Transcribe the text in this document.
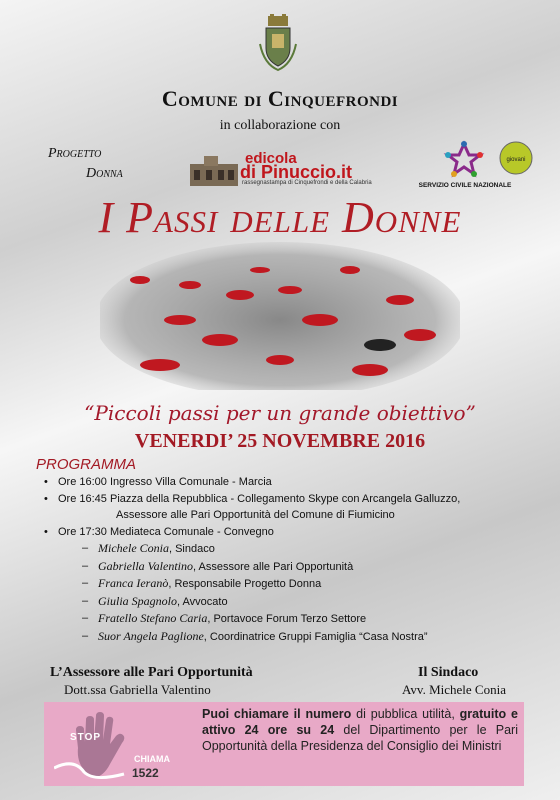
Comune di Cinquefrondi
in collaborazione con
Progetto
Donna
edicola
di Pinuccio.it
rassegnastampa di Cinquefrondi e della Calabria
giovani
SERVIZIO CIVILE NAZIONALE
I Passi delle Donne
“Piccoli passi per un grande obiettivo”
VENERDI’ 25 NOVEMBRE 2016
PROGRAMMA
• Ore 16:00 Ingresso Villa Comunale - Marcia
• Ore 16:45 Piazza della Repubblica - Collegamento Skype con Arcangela Galluzzo,
Assessore alle Pari Opportunità del Comune di Fiumicino
• Ore 17:30 Mediateca Comunale - Convegno
– Michele Conia, Sindaco
– Gabriella Valentino, Assessore alle Pari Opportunità
– Franca Ieranò, Responsabile Progetto Donna
– Giulia Spagnolo, Avvocato
– Fratello Stefano Caria, Portavoce Forum Terzo Settore
– Suor Angela Paglione, Coordinatrice Gruppi Famiglia “Casa Nostra”
L’Assessore alle Pari Opportunità
Dott.ssa Gabriella Valentino
Il Sindaco
Avv. Michele Conia
STOP
CHIAMA
1522
Puoi chiamare il numero di pubblica utilità, gratuito e attivo 24 ore su 24 del Dipartimento per le Pari Opportunità della Presidenza del Consiglio dei Ministri
